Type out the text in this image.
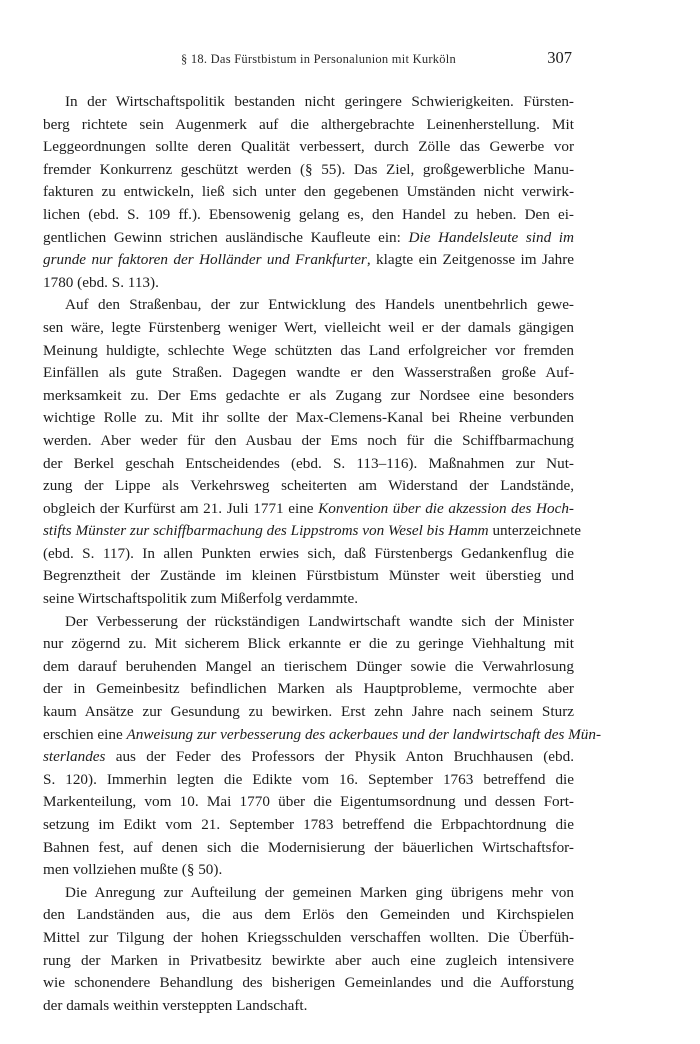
§ 18. Das Fürstbistum in Personalunion mit Kurköln	307

In der Wirtschaftspolitik bestanden nicht geringere Schwierigkeiten. Fürsten-
berg richtete sein Augenmerk auf die althergebrachte Leinenherstellung. Mit
Leggeordnungen sollte deren Qualität verbessert, durch Zölle das Gewerbe vor
fremder Konkurrenz geschützt werden (§ 55). Das Ziel, großgewerbliche Manu-
fakturen zu entwickeln, ließ sich unter den gegebenen Umständen nicht verwirk-
lichen (ebd. S. 109 ff.). Ebensowenig gelang es, den Handel zu heben. Den ei-
gentlichen Gewinn strichen ausländische Kaufleute ein: Die Handelsleute sind im
grunde nur faktoren der Holländer und Frankfurter, klagte ein Zeitgenosse im Jahre
1780 (ebd. S. 113).

Auf den Straßenbau, der zur Entwicklung des Handels unentbehrlich gewe-
sen wäre, legte Fürstenberg weniger Wert, vielleicht weil er der damals gängigen
Meinung huldigte, schlechte Wege schützten das Land erfolgreicher vor fremden
Einfällen als gute Straßen. Dagegen wandte er den Wasserstraßen große Auf-
merksamkeit zu. Der Ems gedachte er als Zugang zur Nordsee eine besonders
wichtige Rolle zu. Mit ihr sollte der Max-Clemens-Kanal bei Rheine verbunden
werden. Aber weder für den Ausbau der Ems noch für die Schiffbarmachung
der Berkel geschah Entscheidendes (ebd. S. 113–116). Maßnahmen zur Nut-
zung der Lippe als Verkehrsweg scheiterten am Widerstand der Landstände,
obgleich der Kurfürst am 21. Juli 1771 eine Konvention über die akzession des Hoch-
stifts Münster zur schiffbarmachung des Lippstroms von Wesel bis Hamm unterzeichnete
(ebd. S. 117). In allen Punkten erwies sich, daß Fürstenbergs Gedankenflug die
Begrenztheit der Zustände im kleinen Fürstbistum Münster weit überstieg und
seine Wirtschaftspolitik zum Mißerfolg verdammte.

Der Verbesserung der rückständigen Landwirtschaft wandte sich der Minister
nur zögernd zu. Mit sicherem Blick erkannte er die zu geringe Viehhaltung mit
dem darauf beruhenden Mangel an tierischem Dünger sowie die Verwahrlosung
der in Gemeinbesitz befindlichen Marken als Hauptprobleme, vermochte aber
kaum Ansätze zur Gesundung zu bewirken. Erst zehn Jahre nach seinem Sturz
erschien eine Anweisung zur verbesserung des ackerbaues und der landwirtschaft des Mün-
sterlandes aus der Feder des Professors der Physik Anton Bruchhausen (ebd.
S. 120). Immerhin legten die Edikte vom 16. September 1763 betreffend die
Markenteilung, vom 10. Mai 1770 über die Eigentumsordnung und dessen Fort-
setzung im Edikt vom 21. September 1783 betreffend die Erbpachtordnung die
Bahnen fest, auf denen sich die Modernisierung der bäuerlichen Wirtschaftsfor-
men vollziehen mußte (§ 50).

Die Anregung zur Aufteilung der gemeinen Marken ging übrigens mehr von
den Landständen aus, die aus dem Erlös den Gemeinden und Kirchspielen
Mittel zur Tilgung der hohen Kriegsschulden verschaffen wollten. Die Überfüh-
rung der Marken in Privatbesitz bewirkte aber auch eine zugleich intensivere
wie schonendere Behandlung des bisherigen Gemeinlandes und die Aufforstung
der damals weithin versteppten Landschaft.
